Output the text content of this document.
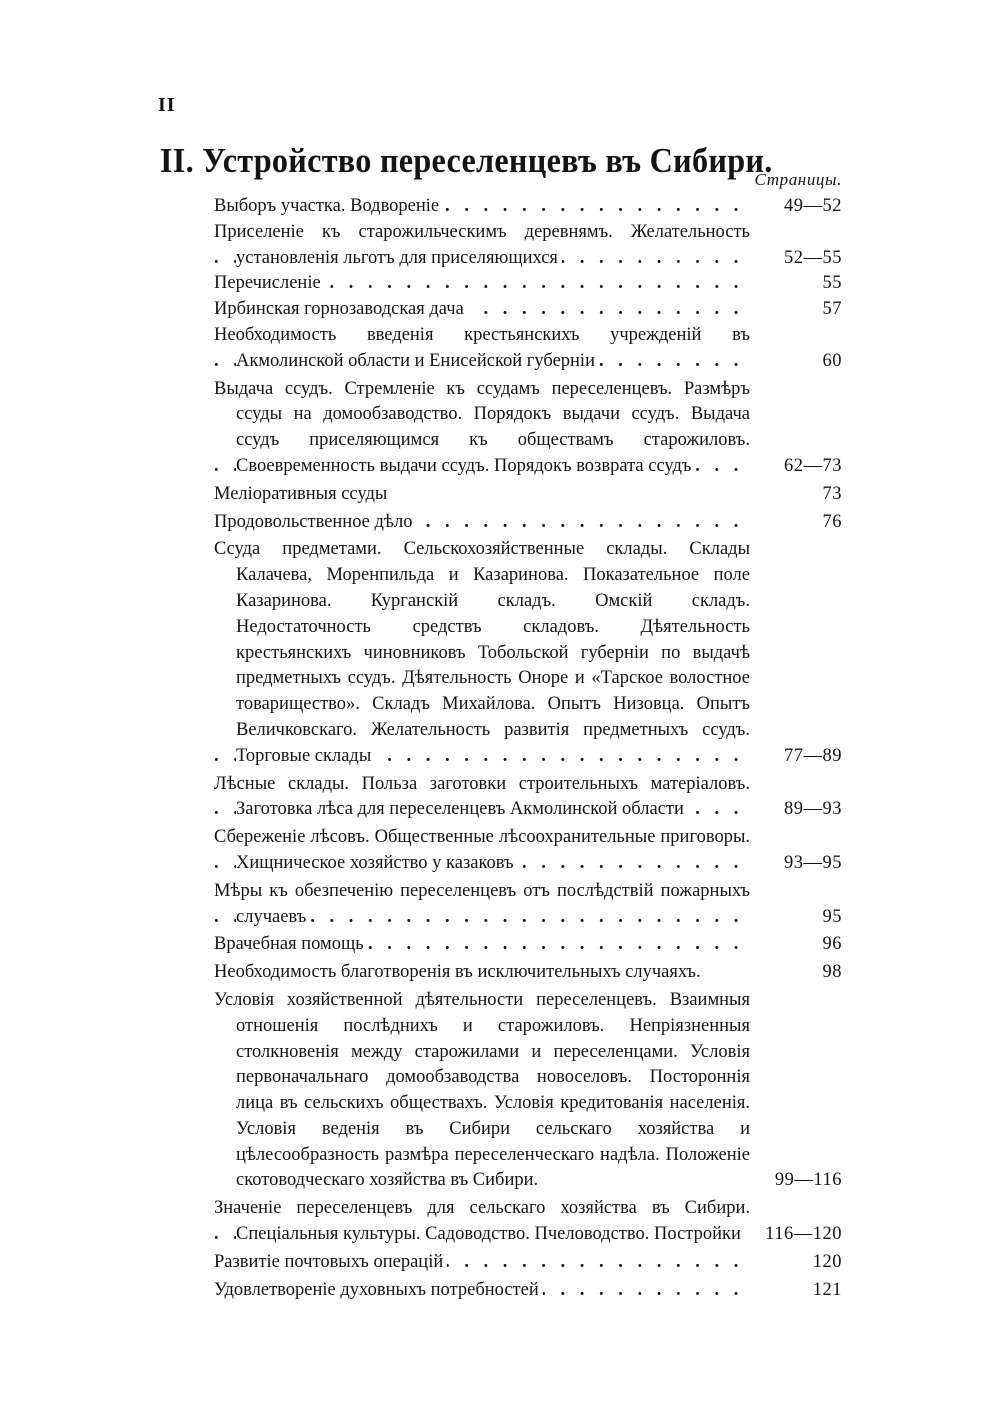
II
II. Устройство переселенцевъ въ Сибири.
Страницы.
Выборъ участка. Водвореніе . . .	49—52
Приселеніе къ старожильческимъ деревнямъ. Желательность установленія льготъ для приселяющихся . . .	52—55
Перечисленіе . . .	55
Ирбинская горнозаводская дача . . .	57
Необходимость введенія крестьянскихъ учрежденій въ Акмолинской области и Енисейской губерніи . . .	60
Выдача ссудъ. Стремленіе къ ссудамъ переселенцевъ. Размѣръ ссуды на домообзаводство. Порядокъ выдачи ссудъ. Выдача ссудъ приселяющимся къ обществамъ старожиловъ. Своевременность выдачи ссудъ. Порядокъ возврата ссудъ . . .	62—73
Меліоративныя ссуды	73
Продовольственное дѣло . . .	76
Ссуда предметами. Сельскохозяйственные склады. Склады Калачева, Моренпильда и Казаринова. Показательное поле Казаринова. Курганскій складъ. Омскій складъ. Недостаточность средствъ складовъ. Дѣятельность крестьянскихъ чиновниковъ Тобольской губерніи по выдачѣ предметныхъ ссудъ. Дѣятельность Оноре и «Тарское волостное товарищество». Складъ Михайлова. Опытъ Низовца. Опытъ Величковскаго. Желательность развитія предметныхъ ссудъ. Торговые склады . . .	77—89
Лѣсные склады. Польза заготовки строительныхъ матеріаловъ. Заготовка лѣса для переселенцевъ Акмолинской области . . .	89—93
Сбереженіе лѣсовъ. Общественные лѣсоохранительные приговоры. Хищническое хозяйство у казаковъ . . .	93—95
Мѣры къ обезпеченію переселенцевъ отъ послѣдствій пожарныхъ случаевъ . . .	95
Врачебная помощь . . .	96
Необходимость благотворенія въ исключительныхъ случаяхъ.	98
Условія хозяйственной дѣятельности переселенцевъ. Взаимныя отношенія послѣднихъ и старожиловъ. Непріязненныя столкновенія между старожилами и переселенцами. Условія первоначальнаго домообзаводства новоселовъ. Постороннія лица въ сельскихъ обществахъ. Условія кредитованія населенія. Условія веденія въ Сибири сельскаго хозяйства и цѣлесообразность размѣра переселенческаго надѣла. Положеніе скотоводческаго хозяйства въ Сибири.	99—116
Значеніе переселенцевъ для сельскаго хозяйства въ Сибири. Спеціальныя культуры. Садоводство. Пчеловодство. Постройки . . .	116—120
Развитіе почтовыхъ операцій . . .	120
Удовлетвореніе духовныхъ потребностей . . .	121
